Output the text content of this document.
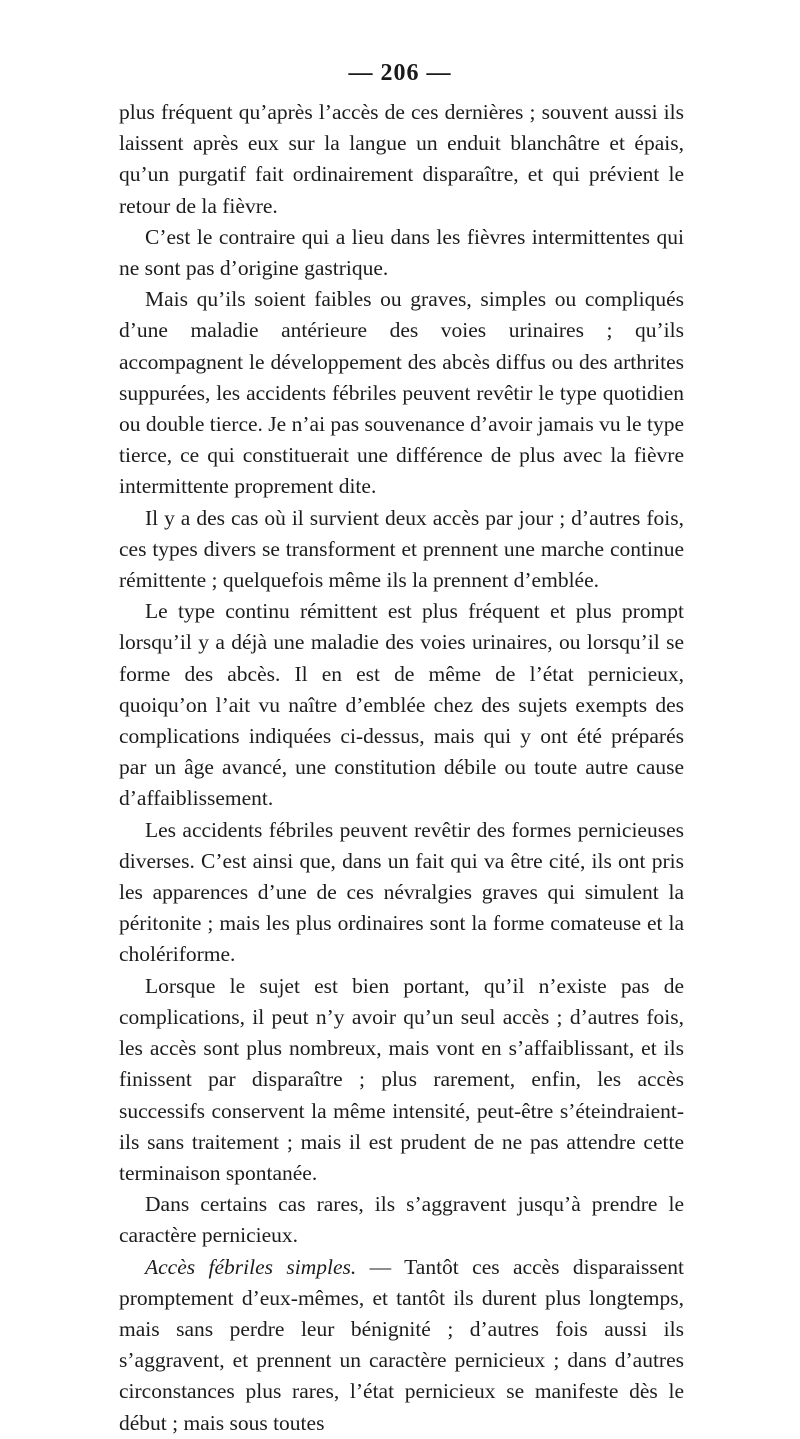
— 206 —

plus fréquent qu’après l’accès de ces dernières ; souvent aussi ils laissent après eux sur la langue un enduit blanchâtre et épais, qu’un purgatif fait ordinairement disparaître, et qui prévient le retour de la fièvre.

C’est le contraire qui a lieu dans les fièvres intermittentes qui ne sont pas d’origine gastrique.

Mais qu’ils soient faibles ou graves, simples ou compliqués d’une maladie antérieure des voies urinaires ; qu’ils accompagnent le développement des abcès diffus ou des arthrites suppurées, les accidents fébriles peuvent revêtir le type quotidien ou double tierce. Je n’ai pas souvenance d’avoir jamais vu le type tierce, ce qui constituerait une différence de plus avec la fièvre intermittente proprement dite.

Il y a des cas où il survient deux accès par jour ; d’autres fois, ces types divers se transforment et prennent une marche continue rémittente ; quelquefois même ils la prennent d’emblée.

Le type continu rémittent est plus fréquent et plus prompt lorsqu’il y a déjà une maladie des voies urinaires, ou lorsqu’il se forme des abcès. Il en est de même de l’état pernicieux, quoiqu’on l’ait vu naître d’emblée chez des sujets exempts des complications indiquées ci-dessus, mais qui y ont été préparés par un âge avancé, une constitution débile ou toute autre cause d’affaiblissement.

Les accidents fébriles peuvent revêtir des formes pernicieuses diverses. C’est ainsi que, dans un fait qui va être cité, ils ont pris les apparences d’une de ces névralgies graves qui simulent la péritonite ; mais les plus ordinaires sont la forme comateuse et la cholériforme.

Lorsque le sujet est bien portant, qu’il n’existe pas de complications, il peut n’y avoir qu’un seul accès ; d’autres fois, les accès sont plus nombreux, mais vont en s’affaiblissant, et ils finissent par disparaître ; plus rarement, enfin, les accès successifs conservent la même intensité, peut-être s’éteindraient-ils sans traitement ; mais il est prudent de ne pas attendre cette terminaison spontanée.

Dans certains cas rares, ils s’aggravent jusqu’à prendre le caractère pernicieux.

Accès fébriles simples. — Tantôt ces accès disparaissent promptement d’eux-mêmes, et tantôt ils durent plus longtemps, mais sans perdre leur bénignité ; d’autres fois aussi ils s’aggravent, et prennent un caractère pernicieux ; dans d’autres circonstances plus rares, l’état pernicieux se manifeste dès le début ; mais sous toutes
